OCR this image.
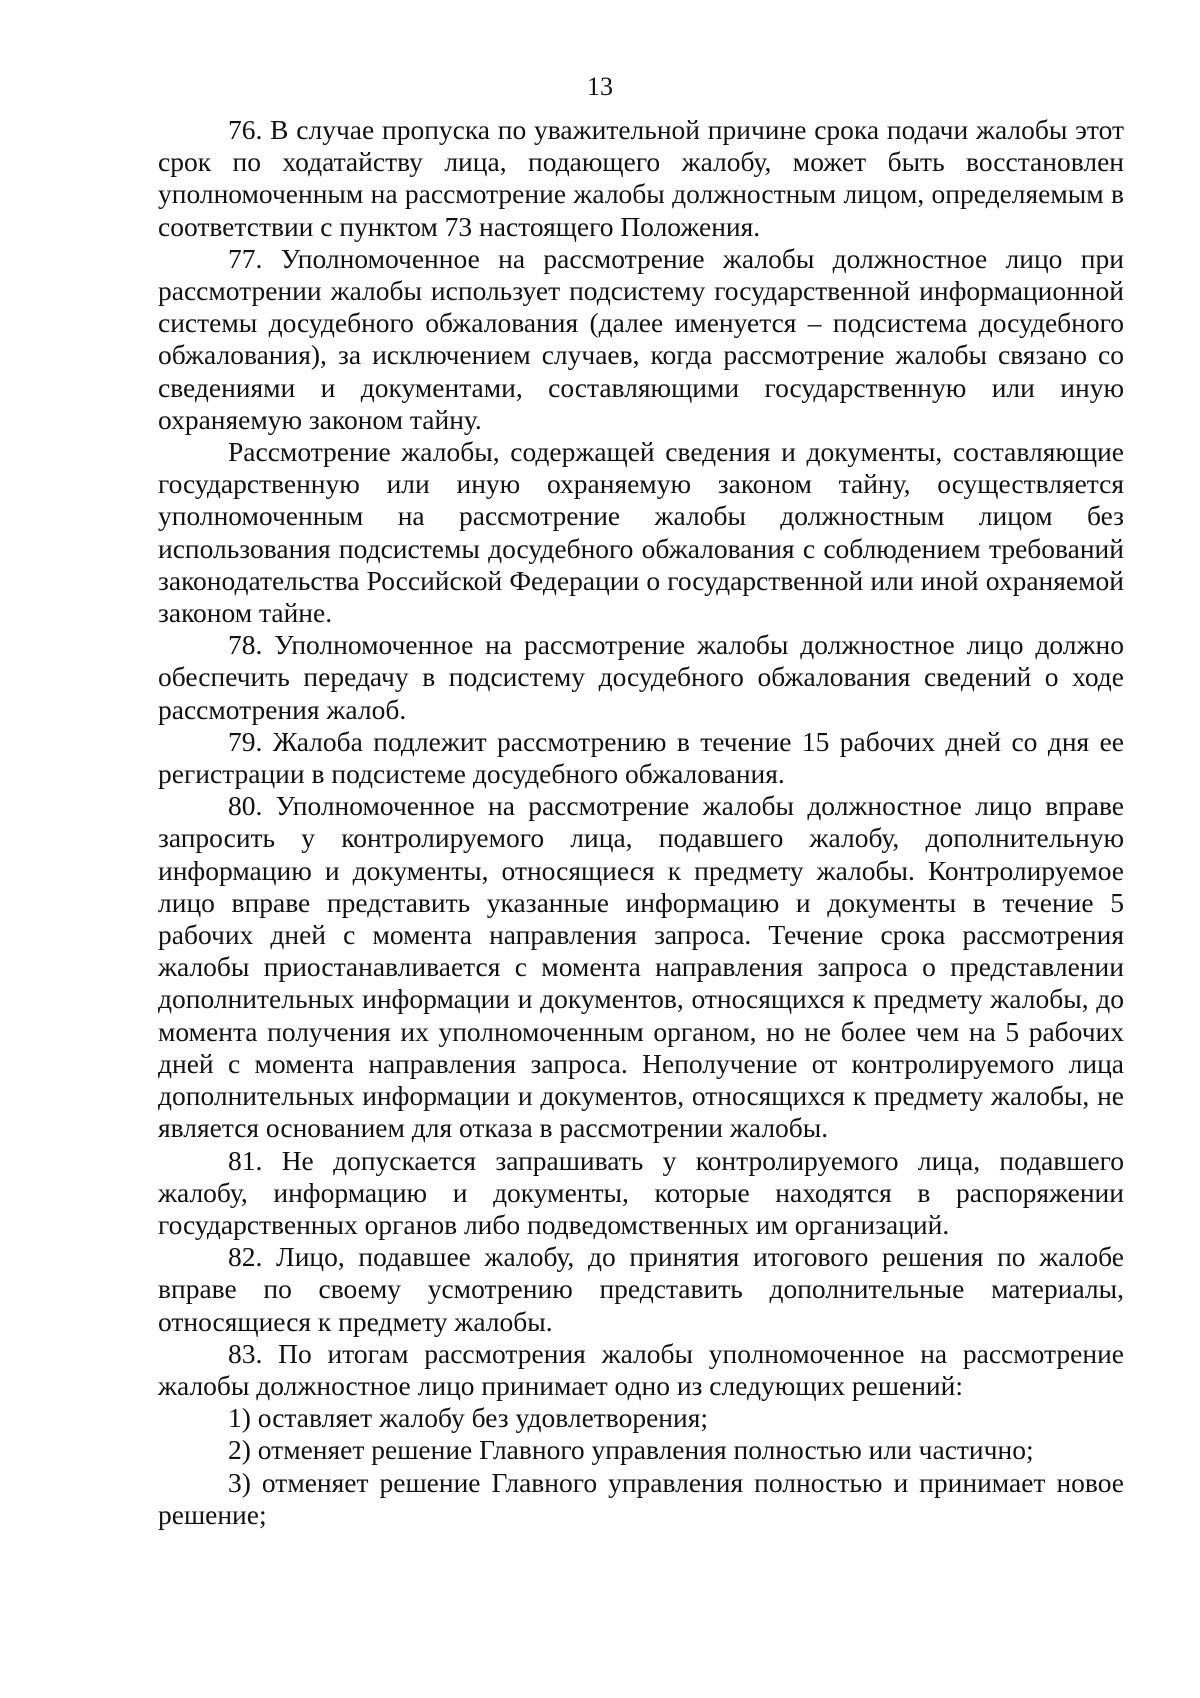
13

76. В случае пропуска по уважительной причине срока подачи жалобы этот срок по ходатайству лица, подающего жалобу, может быть восстановлен уполномоченным на рассмотрение жалобы должностным лицом, определяемым в соответствии с пунктом 73 настоящего Положения.

77. Уполномоченное на рассмотрение жалобы должностное лицо при рассмотрении жалобы использует подсистему государственной информационной системы досудебного обжалования (далее именуется – подсистема досудебного обжалования), за исключением случаев, когда рассмотрение жалобы связано со сведениями и документами, составляющими государственную или иную охраняемую законом тайну.

Рассмотрение жалобы, содержащей сведения и документы, составляющие государственную или иную охраняемую законом тайну, осуществляется уполномоченным на рассмотрение жалобы должностным лицом без использования подсистемы досудебного обжалования с соблюдением требований законодательства Российской Федерации о государственной или иной охраняемой законом тайне.

78. Уполномоченное на рассмотрение жалобы должностное лицо должно обеспечить передачу в подсистему досудебного обжалования сведений о ходе рассмотрения жалоб.

79. Жалоба подлежит рассмотрению в течение 15 рабочих дней со дня ее регистрации в подсистеме досудебного обжалования.

80. Уполномоченное на рассмотрение жалобы должностное лицо вправе запросить у контролируемого лица, подавшего жалобу, дополнительную информацию и документы, относящиеся к предмету жалобы. Контролируемое лицо вправе представить указанные информацию и документы в течение 5 рабочих дней с момента направления запроса. Течение срока рассмотрения жалобы приостанавливается с момента направления запроса о представлении дополнительных информации и документов, относящихся к предмету жалобы, до момента получения их уполномоченным органом, но не более чем на 5 рабочих дней с момента направления запроса. Неполучение от контролируемого лица дополнительных информации и документов, относящихся к предмету жалобы, не является основанием для отказа в рассмотрении жалобы.

81. Не допускается запрашивать у контролируемого лица, подавшего жалобу, информацию и документы, которые находятся в распоряжении государственных органов либо подведомственных им организаций.

82. Лицо, подавшее жалобу, до принятия итогового решения по жалобе вправе по своему усмотрению представить дополнительные материалы, относящиеся к предмету жалобы.

83. По итогам рассмотрения жалобы уполномоченное на рассмотрение жалобы должностное лицо принимает одно из следующих решений:

1) оставляет жалобу без удовлетворения;

2) отменяет решение Главного управления полностью или частично;

3) отменяет решение Главного управления полностью и принимает новое решение;
